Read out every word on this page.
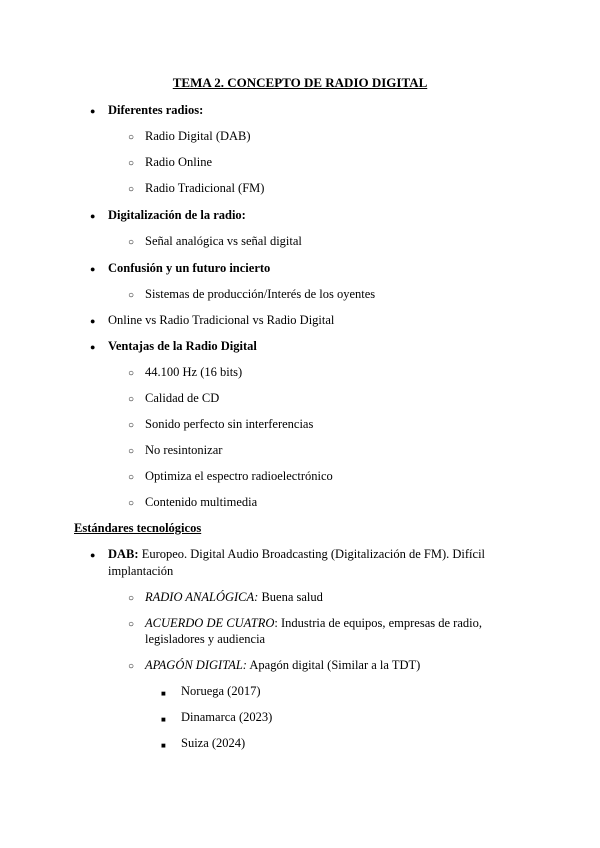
TEMA 2. CONCEPTO DE RADIO DIGITAL
● Diferentes radios:
○ Radio Digital (DAB)
○ Radio Online
○ Radio Tradicional (FM)
● Digitalización de la radio:
○ Señal analógica vs señal digital
● Confusión y un futuro incierto
○ Sistemas de producción/Interés de los oyentes
● Online vs Radio Tradicional vs Radio Digital
● Ventajas de la Radio Digital
○ 44.100 Hz (16 bits)
○ Calidad de CD
○ Sonido perfecto sin interferencias
○ No resintonizar
○ Optimiza el espectro radioelectrónico
○ Contenido multimedia
Estándares tecnológicos
● DAB: Europeo. Digital Audio Broadcasting (Digitalización de FM). Difícil
implantación
○ RADIO ANALÓGICA: Buena salud
○ ACUERDO DE CUATRO: Industria de equipos, empresas de radio,
legisladores y audiencia
○ APAGÓN DIGITAL: Apagón digital (Similar a la TDT)
■ Noruega (2017)
■ Dinamarca (2023)
■ Suiza (2024)
